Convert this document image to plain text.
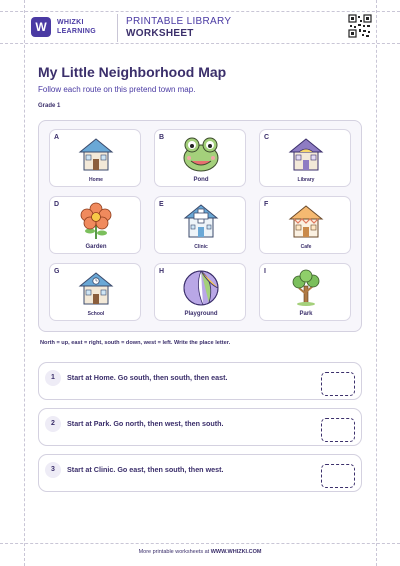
W	WHIZKI
LEARNING
PRINTABLE LIBRARY
WORKSHEET
My Little Neighborhood Map
Follow each route on this pretend town map.
Grade 1
A
Home
B
Pond
C
Library
D
Garden
E
Clinic
F
Cafe
G
School
H
Playground
I
Park
North = up, east = right, south = down, west = left. Write the place letter.
1	Start at Home. Go south, then south, then east.
2	Start at Park. Go north, then west, then south.
3	Start at Clinic. Go east, then south, then west.
More printable worksheets at WWW.WHIZKI.COM
